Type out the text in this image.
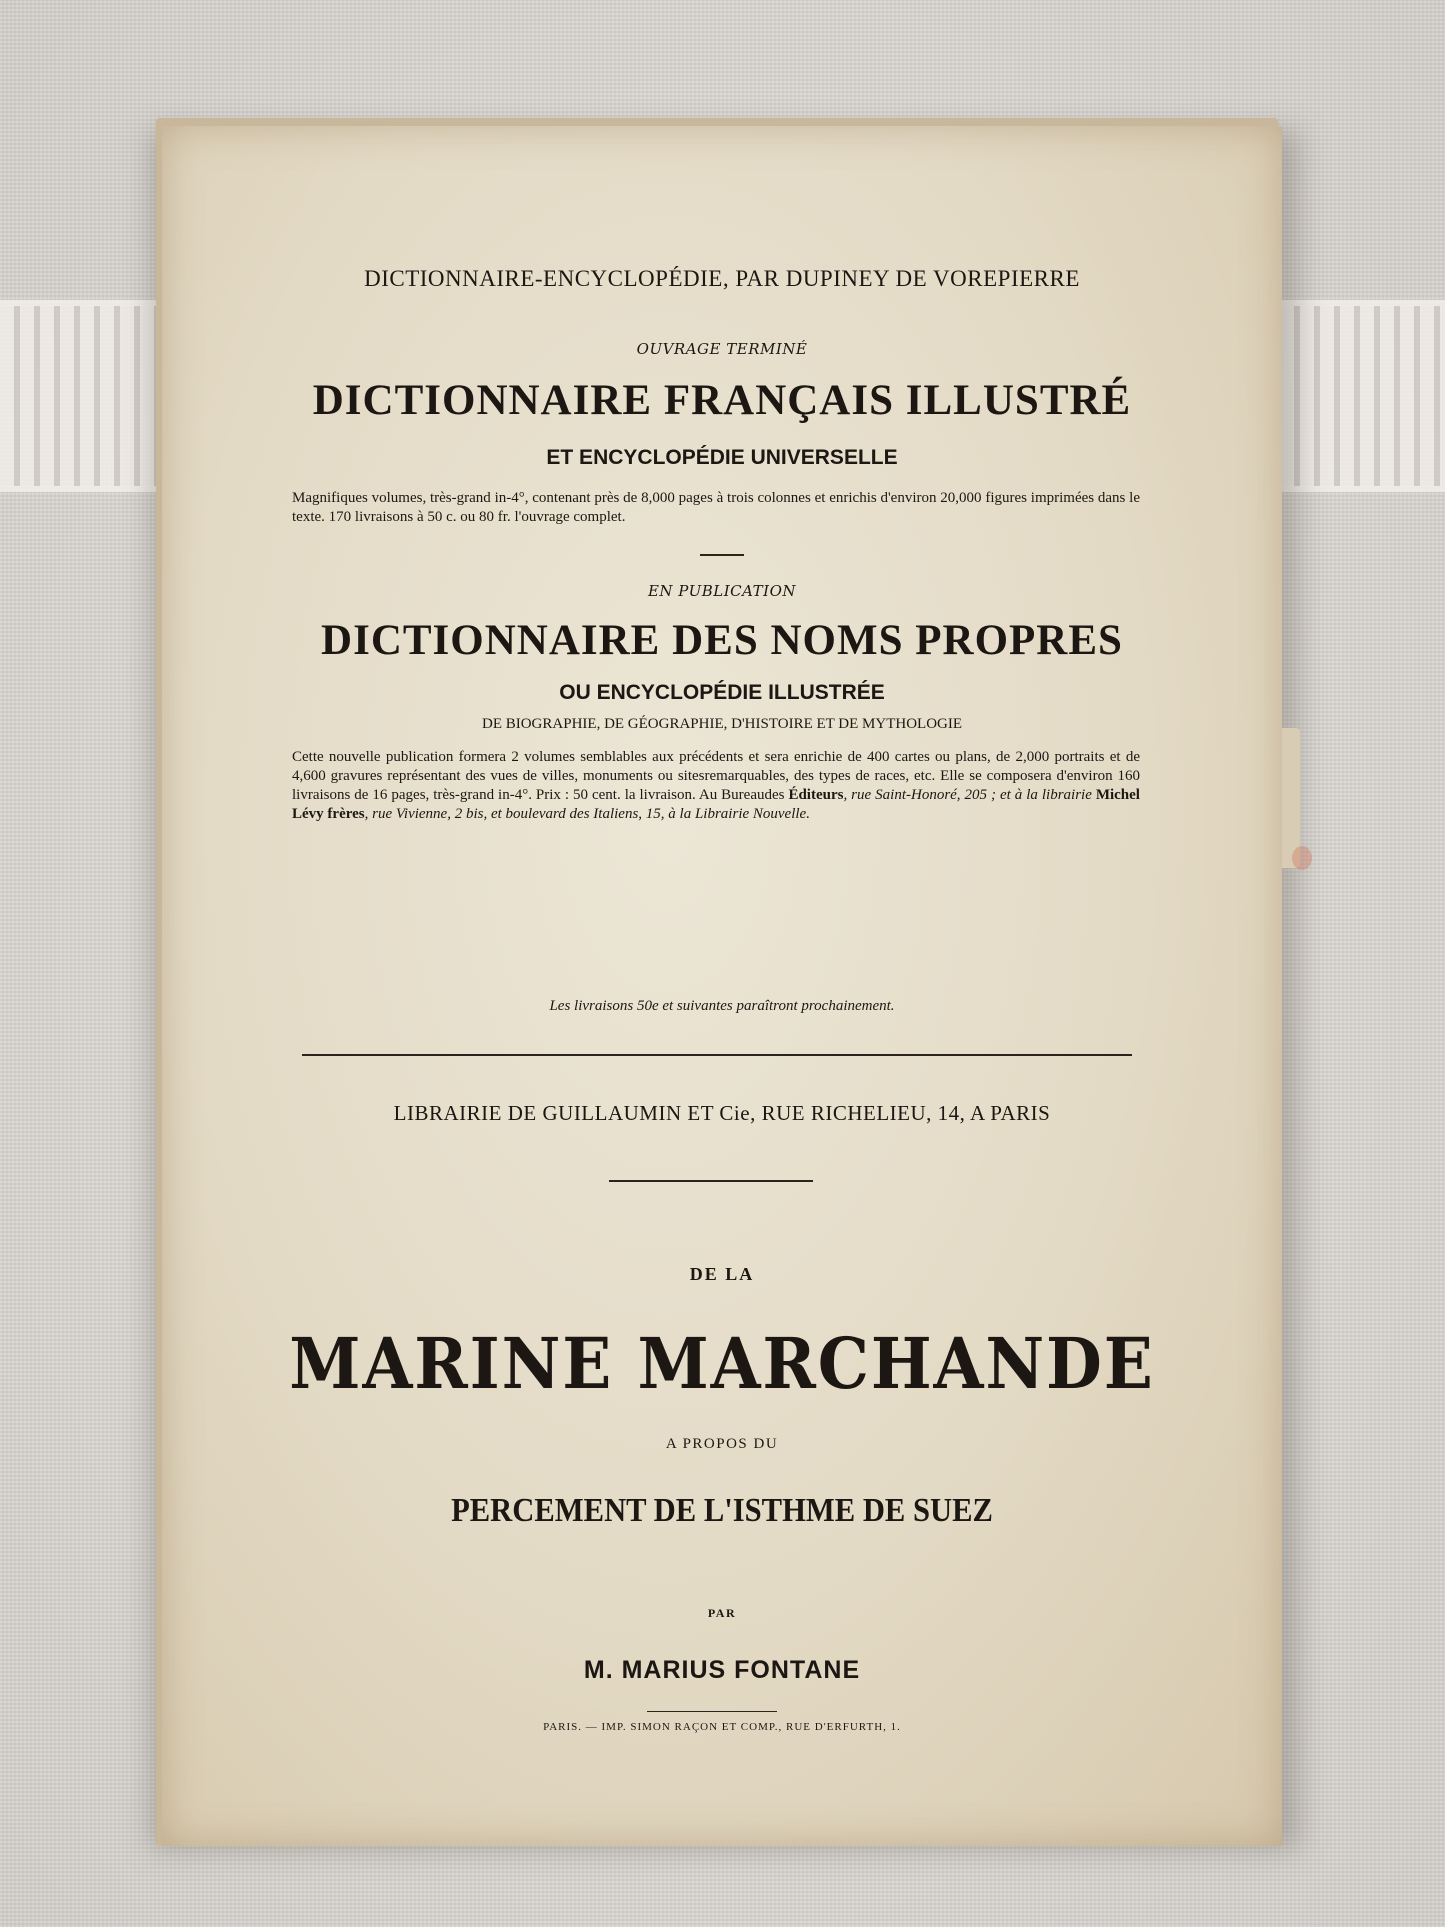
DICTIONNAIRE-ENCYCLOPÉDIE, PAR DUPINEY DE VOREPIERRE
OUVRAGE TERMINÉ
DICTIONNAIRE FRANÇAIS ILLUSTRÉ
ET ENCYCLOPÉDIE UNIVERSELLE
Magnifiques volumes, très-grand in-4°, contenant près de 8,000 pages à trois colonnes et enrichis d'environ 20,000 figures imprimées dans le texte. 170 livraisons à 50 c. ou 80 fr. l'ouvrage complet.
EN PUBLICATION
DICTIONNAIRE DES NOMS PROPRES
OU ENCYCLOPÉDIE ILLUSTRÉE
DE BIOGRAPHIE, DE GÉOGRAPHIE, D'HISTOIRE ET DE MYTHOLOGIE
Cette nouvelle publication formera 2 volumes semblables aux précédents et sera enrichie de 400 cartes ou plans, de 2,000 portraits et de 4,600 gravures représentant des vues de villes, monuments ou sitesremarquables, des types de races, etc. Elle se composera d'environ 160 livraisons de 16 pages, très-grand in-4°. Prix : 50 cent. la livraison. Au Bureaudes Éditeurs, rue Saint-Honoré, 205 ; et à la librairie Michel Lévy frères, rue Vivienne, 2 bis, et boulevard des Italiens, 15, à la Librairie Nouvelle.
Les livraisons 50e et suivantes paraîtront prochainement.
LIBRAIRIE DE GUILLAUMIN ET Cie, RUE RICHELIEU, 14, A PARIS
DE LA
MARINE MARCHANDE
A PROPOS DU
PERCEMENT DE L'ISTHME DE SUEZ
PAR
M. MARIUS FONTANE
PARIS. — IMP. SIMON RAÇON ET COMP., RUE D'ERFURTH, 1.
